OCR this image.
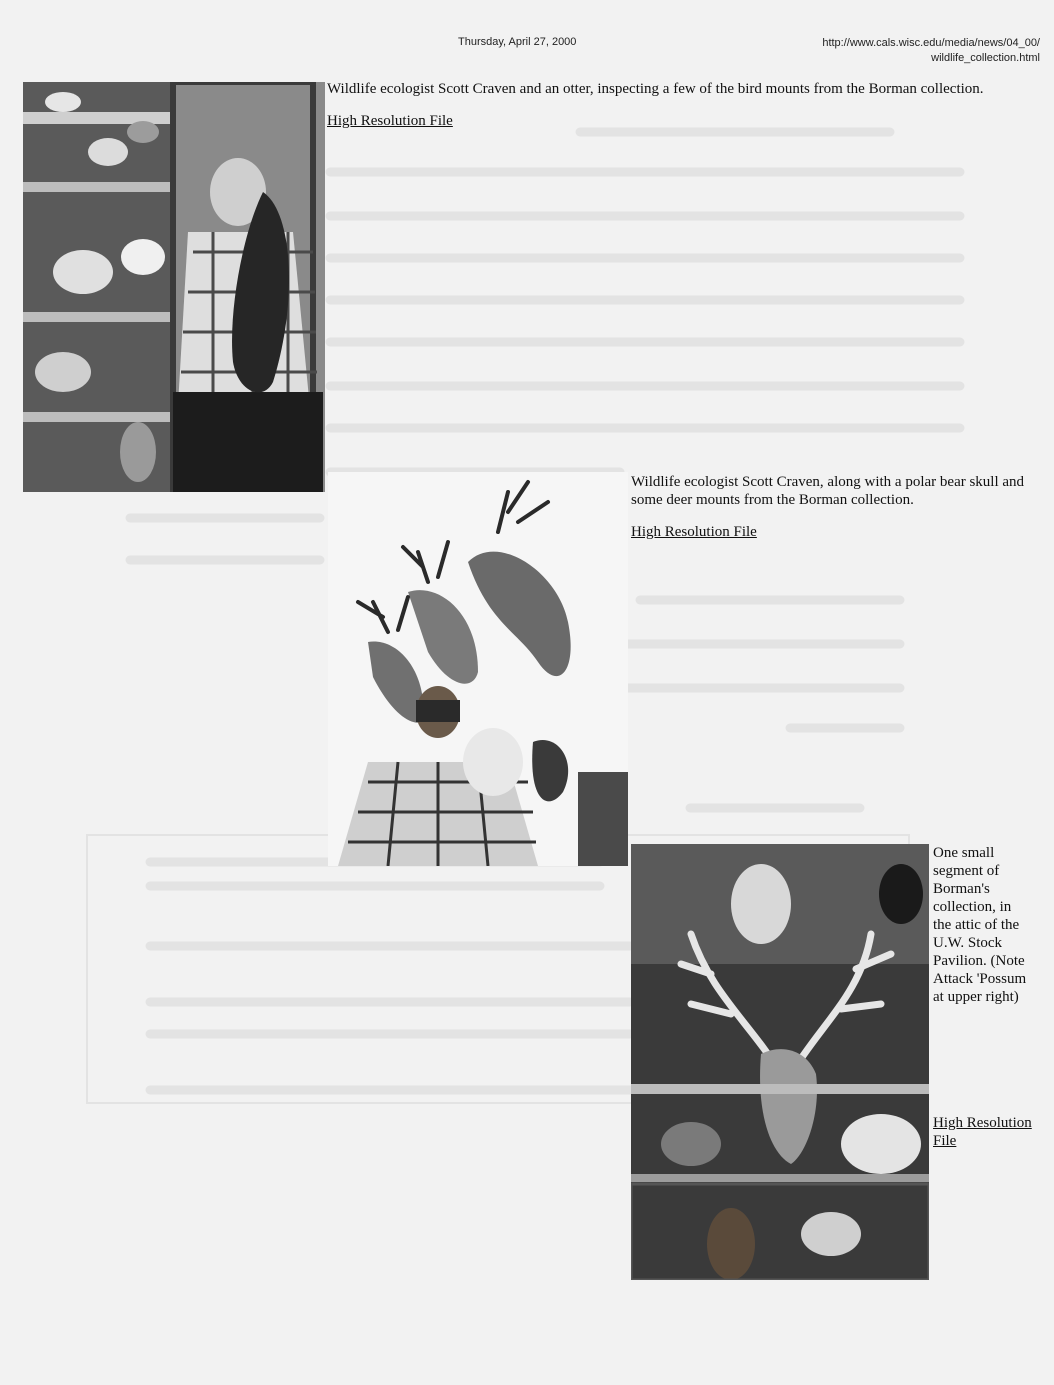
Thursday, April 27, 2000	http://www.cals.wisc.edu/media/news/04_00/
wildlife_collection.html
Wildlife ecologist Scott Craven and an otter, inspecting a few of the bird mounts from the Borman collection.
High Resolution File
Wildlife ecologist Scott Craven, along with a polar bear skull and some deer mounts from the Borman collection.
High Resolution File
One small segment of Borman's collection, in the attic of the U.W. Stock Pavilion. (Note Attack 'Possum at upper right)
High Resolution File
